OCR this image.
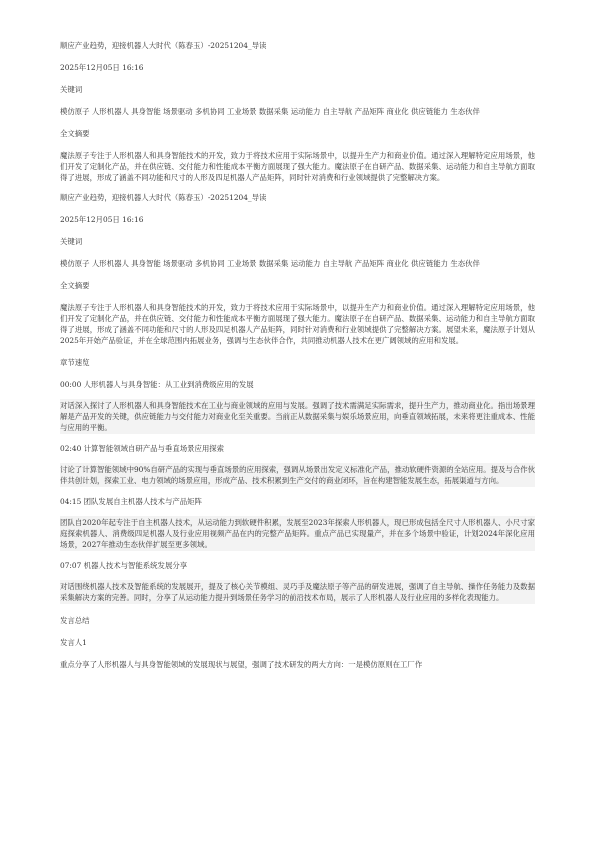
顺应产业趋势，迎接机器人大时代（陈春玉）-20251204_导读

2025年12月05日 16:16

关键词

模仿原子 人形机器人 具身智能 场景驱动 多机协同 工业场景 数据采集 运动能力 自主导航 产品矩阵 商业化 供应链能力 生态伙伴

全文摘要

魔法原子专注于人形机器人和具身智能技术的开发，致力于将技术应用于实际场景中，以提升生产力和商业价值。通过深入理解特定应用场景，他们开发了定制化产品，并在供应链、交付能力和性能成本平衡方面展现了强大能力。魔法原子在自研产品、数据采集、运动能力和自主导航方面取得了进展，形成了涵盖不同功能和尺寸的人形及四足机器人产品矩阵，同时针对消费和行业领域提供了完整解决方案。

顺应产业趋势，迎接机器人大时代（陈春玉）-20251204_导读

2025年12月05日 16:16

关键词

模仿原子 人形机器人 具身智能 场景驱动 多机协同 工业场景 数据采集 运动能力 自主导航 产品矩阵 商业化 供应链能力 生态伙伴

全文摘要

魔法原子专注于人形机器人和具身智能技术的开发，致力于将技术应用于实际场景中，以提升生产力和商业价值。通过深入理解特定应用场景，他们开发了定制化产品，并在供应链、交付能力和性能成本平衡方面展现了强大能力。魔法原子在自研产品、数据采集、运动能力和自主导航方面取得了进展，形成了涵盖不同功能和尺寸的人形及四足机器人产品矩阵，同时针对消费和行业领域提供了完整解决方案。展望未来，魔法原子计划从2025年开始产品验证，并在全球范围内拓展业务，强调与生态伙伴合作，共同推动机器人技术在更广阔领域的应用和发展。

章节速览

00:00 人形机器人与具身智能：从工业到消费级应用的发展

对话深入探讨了人形机器人和具身智能技术在工业与商业领域的应用与发展。强调了技术需满足实际需求，提升生产力，推动商业化。指出场景理解是产品开发的关键，供应链能力与交付能力对商业化至关重要。当前正从数据采集与娱乐场景应用，向垂直领域拓展，未来将更注重成本、性能与应用的平衡。

02:40 计算智能领域自研产品与垂直场景应用探索

讨论了计算智能领域中90%自研产品的实现与垂直场景的应用探索，强调从场景出发定义标准化产品，推动软硬件资源的全站应用。提及与合作伙伴共创计划，探索工业、电力领域的场景应用，形成产品、技术积累到生产交付的商业闭环，旨在构建智能发展生态，拓展渠道与方向。

04:15 团队发展自主机器人技术与产品矩阵

团队自2020年起专注于自主机器人技术，从运动能力到软硬件积累，发展至2023年探索人形机器人，现已形成包括全尺寸人形机器人、小尺寸家庭探索机器人、消费级四足机器人及行业应用视频产品在内的完整产品矩阵。重点产品已实现量产，并在多个场景中验证，计划2024年深化应用场景，2027年推动生态伙伴扩展至更多领域。

07:07 机器人技术与智能系统发展分享

对话围绕机器人技术及智能系统的发展展开，提及了核心关节模组、灵巧手及魔法原子等产品的研发进展，强调了自主导航、操作任务能力及数据采集解决方案的完善。同时，分享了从运动能力提升到场景任务学习的前沿技术布局，展示了人形机器人及行业应用的多样化表现能力。

发言总结

发言人1

重点分享了人形机器人与具身智能领域的发展现状与展望，强调了技术研发的两大方向：一是模仿原则在工厂作
